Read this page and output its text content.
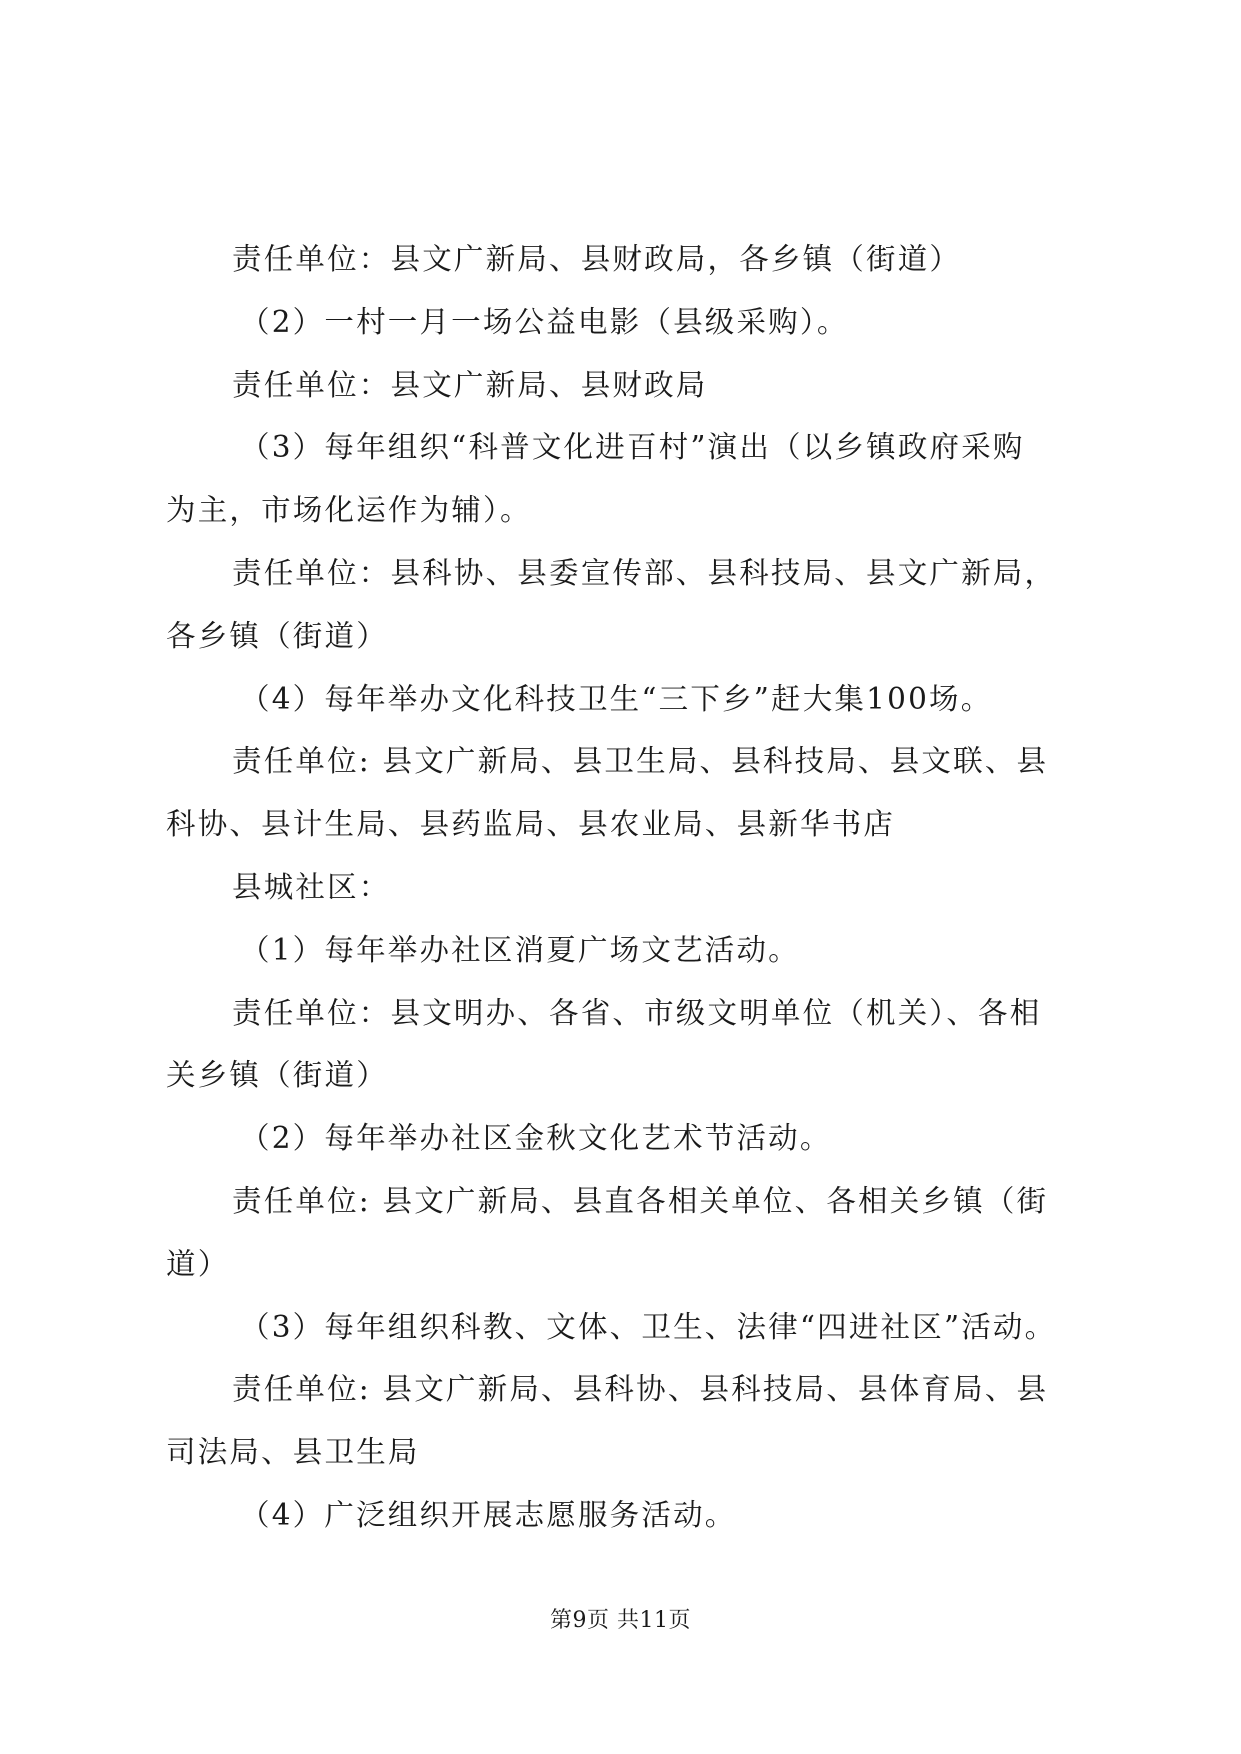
责任单位：县文广新局、县财政局，各乡镇（街道）

（2）一村一月一场公益电影（县级采购）。

责任单位：县文广新局、县财政局

（3）每年组织“科普文化进百村”演出（以乡镇政府采购

为主，市场化运作为辅）。

责任单位：县科协、县委宣传部、县科技局、县文广新局，

各乡镇（街道）

（4）每年举办文化科技卫生“三下乡”赶大集100场。

责任单位: 县文广新局、县卫生局、县科技局、县文联、县

科协、县计生局、县药监局、县农业局、县新华书店

县城社区：

（1）每年举办社区消夏广场文艺活动。

责任单位：县文明办、各省、市级文明单位（机关）、各相

关乡镇（街道）

（2）每年举办社区金秋文化艺术节活动。

责任单位: 县文广新局、县直各相关单位、各相关乡镇（街

道）

（3）每年组织科教、文体、卫生、法律“四进社区”活动。

责任单位: 县文广新局、县科协、县科技局、县体育局、县

司法局、县卫生局

（4）广泛组织开展志愿服务活动。

第9页 共11页
